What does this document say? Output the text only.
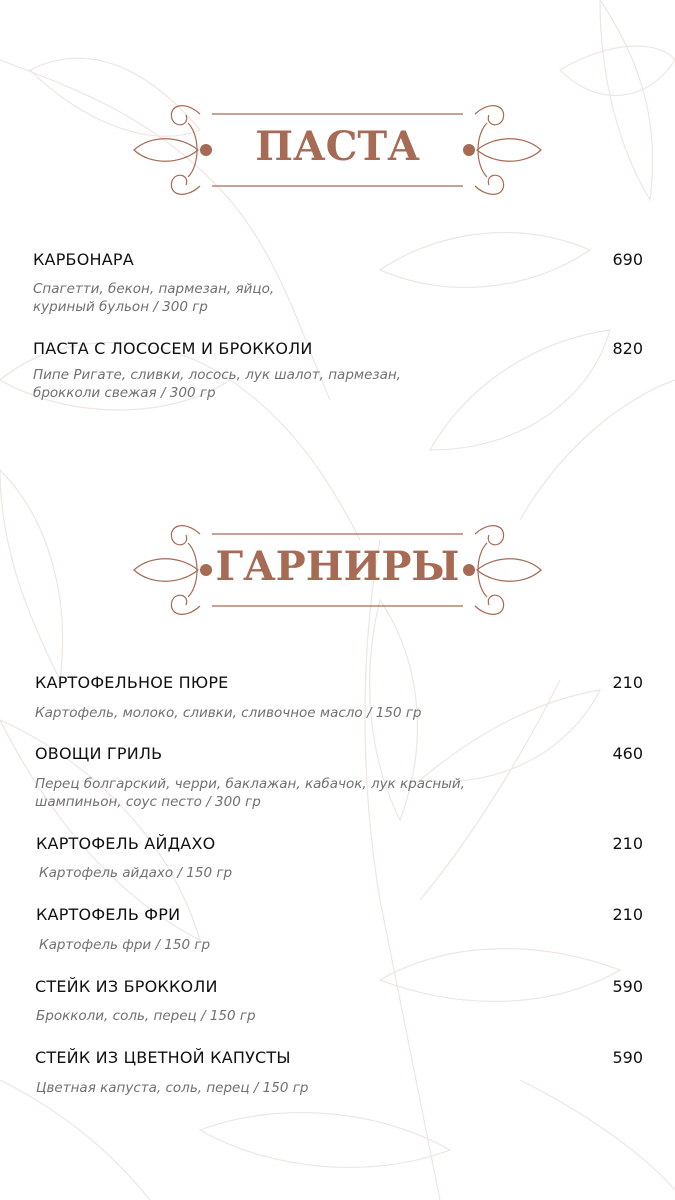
ПАСТА
КАРБОНАРА	690
Спагетти, бекон, пармезан, яйцо,
куриный бульон / 300 гр
ПАСТА С ЛОСОСЕМ И БРОККОЛИ	820
Пипе Ригате, сливки, лосось, лук шалот, пармезан,
брокколи свежая / 300 гр
ГАРНИРЫ
КАРТОФЕЛЬНОЕ ПЮРЕ	210
Картофель, молоко, сливки, сливочное масло / 150 гр
ОВОЩИ ГРИЛЬ	460
Перец болгарский, черри, баклажан, кабачок, лук красный,
шампиньон, соус песто / 300 гр
КАРТОФЕЛЬ АЙДАХО	210
Картофель айдахо / 150 гр
КАРТОФЕЛЬ ФРИ	210
Картофель фри / 150 гр
СТЕЙК ИЗ БРОККОЛИ	590
Брокколи, соль, перец / 150 гр
СТЕЙК ИЗ ЦВЕТНОЙ КАПУСТЫ	590
Цветная капуста, соль, перец / 150 гр
